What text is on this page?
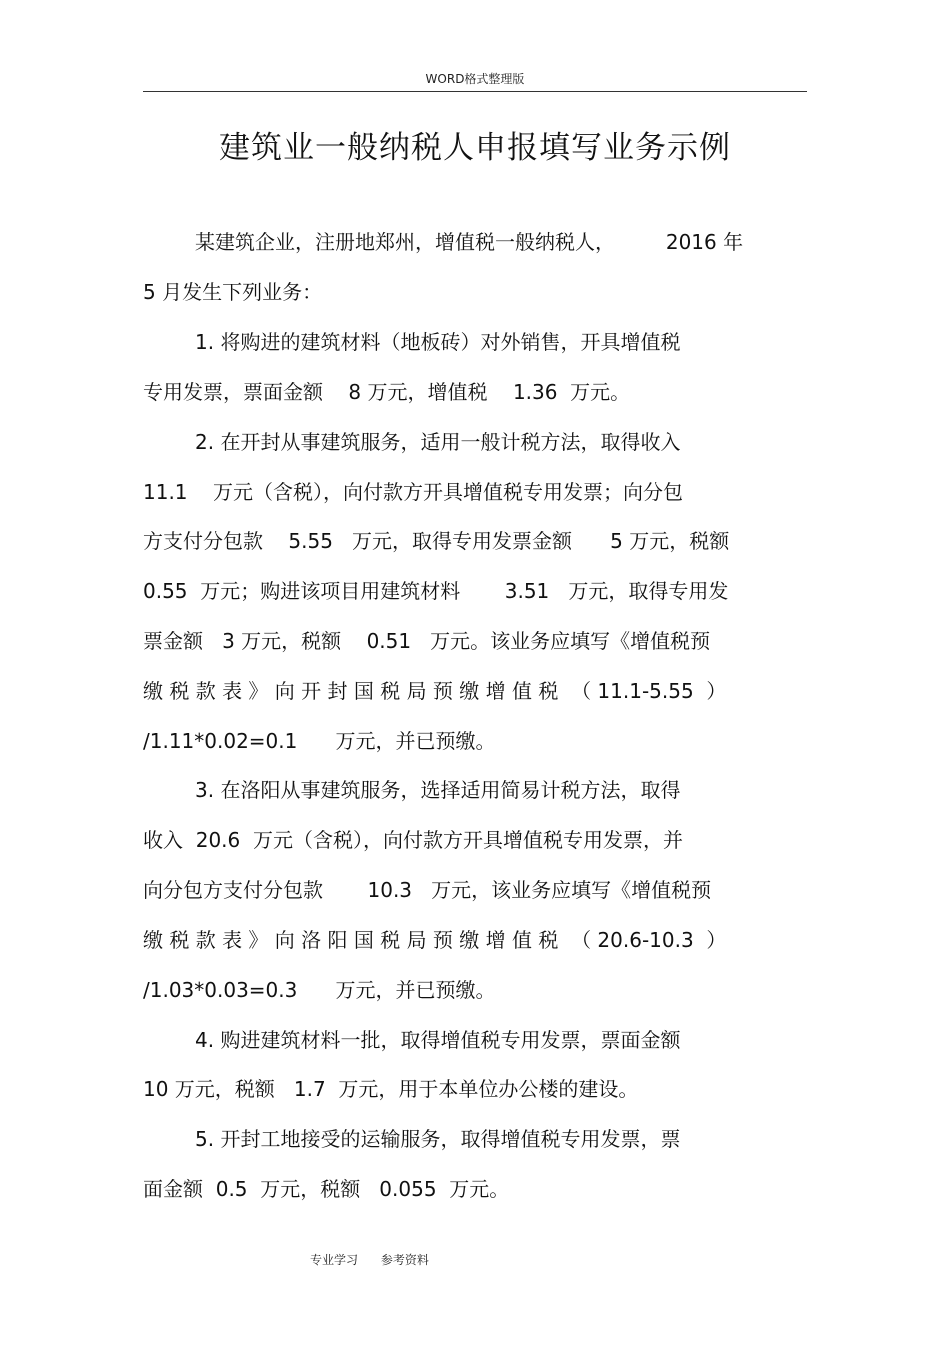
WORD格式整理版
建筑业一般纳税人申报填写业务示例
某建筑企业，注册地郑州，增值税一般纳税人，        2016 年
5 月发生下列业务：
1. 将购进的建筑材料（地板砖）对外销售，开具增值税
专用发票，票面金额    8 万元，增值税    1.36  万元。
2. 在开封从事建筑服务，适用一般计税方法，取得收入
11.1    万元（含税），向付款方开具增值税专用发票；向分包
方支付分包款    5.55   万元，取得专用发票金额      5 万元，税额
0.55  万元；购进该项目用建筑材料       3.51   万元，取得专用发
票金额   3 万元，税额    0.51   万元。该业务应填写《增值税预
缴 税 款 表 》 向 开 封 国 税 局 预 缴 增 值 税  （ 11.1-5.55  ）
/1.11*0.02=0.1      万元，并已预缴。
3. 在洛阳从事建筑服务，选择适用简易计税方法，取得
收入  20.6  万元（含税），向付款方开具增值税专用发票，并
向分包方支付分包款       10.3   万元，该业务应填写《增值税预
缴 税 款 表 》 向 洛 阳 国 税 局 预 缴 增 值 税  （ 20.6-10.3  ）
/1.03*0.03=0.3      万元，并已预缴。
4. 购进建筑材料一批，取得增值税专用发票，票面金额
10 万元，税额   1.7  万元，用于本单位办公楼的建设。
5. 开封工地接受的运输服务，取得增值税专用发票，票
面金额  0.5  万元，税额   0.055  万元。
专业学习      参考资料
